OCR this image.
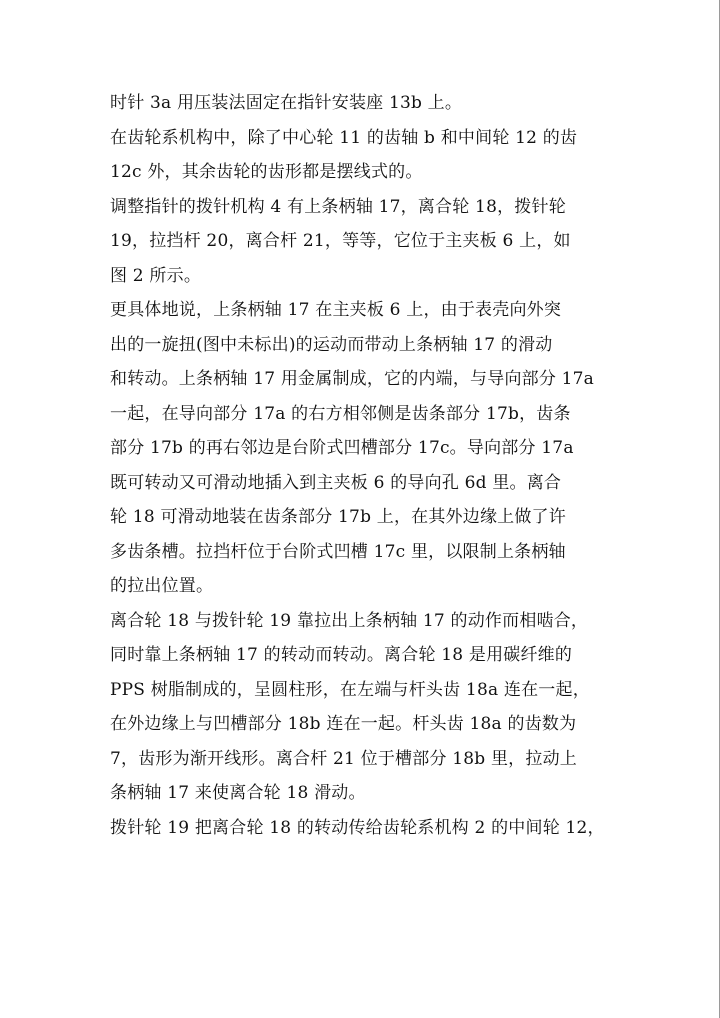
时针 3a 用压装法固定在指针安装座 13b 上。

在齿轮系机构中，除了中心轮 11 的齿轴 b 和中间轮 12 的齿
12c 外，其余齿轮的齿形都是摆线式的。

调整指针的拨针机构 4 有上条柄轴 17，离合轮 18，拨针轮
19，拉挡杆 20，离合杆 21，等等，它位于主夹板 6 上，如
图 2 所示。

更具体地说，上条柄轴 17 在主夹板 6 上，由于表壳向外突
出的一旋扭(图中未标出)的运动而带动上条柄轴 17 的滑动
和转动。上条柄轴 17 用金属制成，它的内端，与导向部分 17a
一起，在导向部分 17a 的右方相邻侧是齿条部分 17b，齿条
部分 17b 的再右邻边是台阶式凹槽部分 17c。导向部分 17a
既可转动又可滑动地插入到主夹板 6 的导向孔 6d 里。离合
轮 18 可滑动地装在齿条部分 17b 上，在其外边缘上做了许
多齿条槽。拉挡杆位于台阶式凹槽 17c 里，以限制上条柄轴
的拉出位置。

离合轮 18 与拨针轮 19 靠拉出上条柄轴 17 的动作而相啮合，
同时靠上条柄轴 17 的转动而转动。离合轮 18 是用碳纤维的
PPS 树脂制成的，呈圆柱形，在左端与杆头齿 18a 连在一起，
在外边缘上与凹槽部分 18b 连在一起。杆头齿 18a 的齿数为
7，齿形为渐开线形。离合杆 21 位于槽部分 18b 里，拉动上
条柄轴 17 来使离合轮 18 滑动。

拨针轮 19 把离合轮 18 的转动传给齿轮系机构 2 的中间轮 12，
